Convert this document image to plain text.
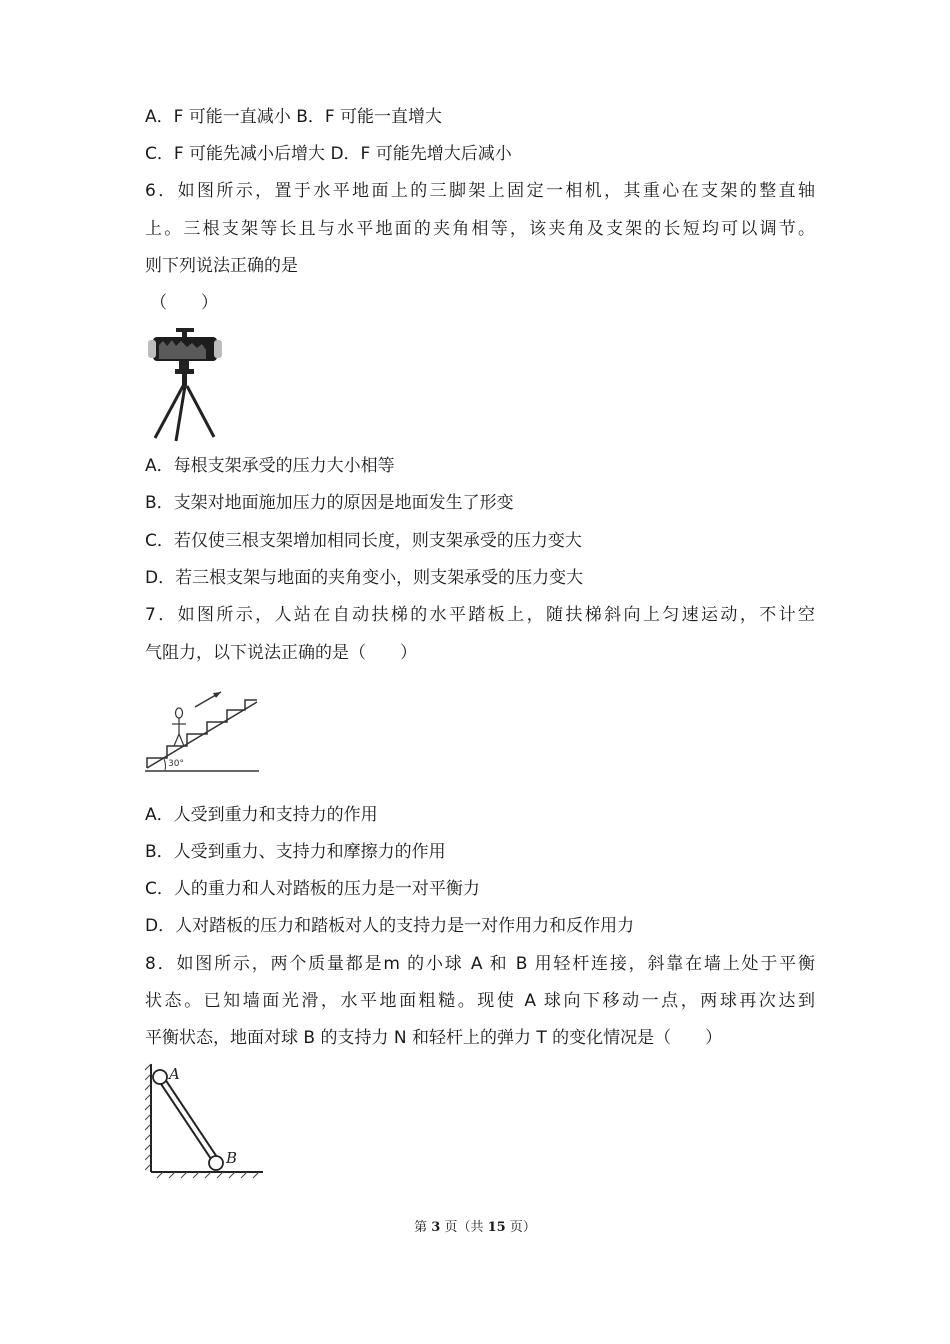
A．F 可能一直减小 B．F 可能一直增大
C．F 可能先减小后增大 D．F 可能先增大后减小
6．如图所示，置于水平地面上的三脚架上固定一相机，其重心在支架的整直轴
上。三根支架等长且与水平地面的夹角相等，该夹角及支架的长短均可以调节。
则下列说法正确的是
（　　）
A．每根支架承受的压力大小相等
B．支架对地面施加压力的原因是地面发生了形变
C．若仅使三根支架增加相同长度，则支架承受的压力变大
D．若三根支架与地面的夹角变小，则支架承受的压力变大
7．如图所示，人站在自动扶梯的水平踏板上，随扶梯斜向上匀速运动，不计空
气阻力，以下说法正确的是（　　）
30°
A．人受到重力和支持力的作用
B．人受到重力、支持力和摩擦力的作用
C．人的重力和人对踏板的压力是一对平衡力
D．人对踏板的压力和踏板对人的支持力是一对作用力和反作用力
8．如图所示，两个质量都是m 的小球 A 和 B 用轻杆连接，斜靠在墙上处于平衡
状态。已知墙面光滑，水平地面粗糙。现使 A 球向下移动一点，两球再次达到
平衡状态，地面对球 B 的支持力 N 和轻杆上的弹力 T 的变化情况是（　　）
A
B
第 3 页（共 15 页）
